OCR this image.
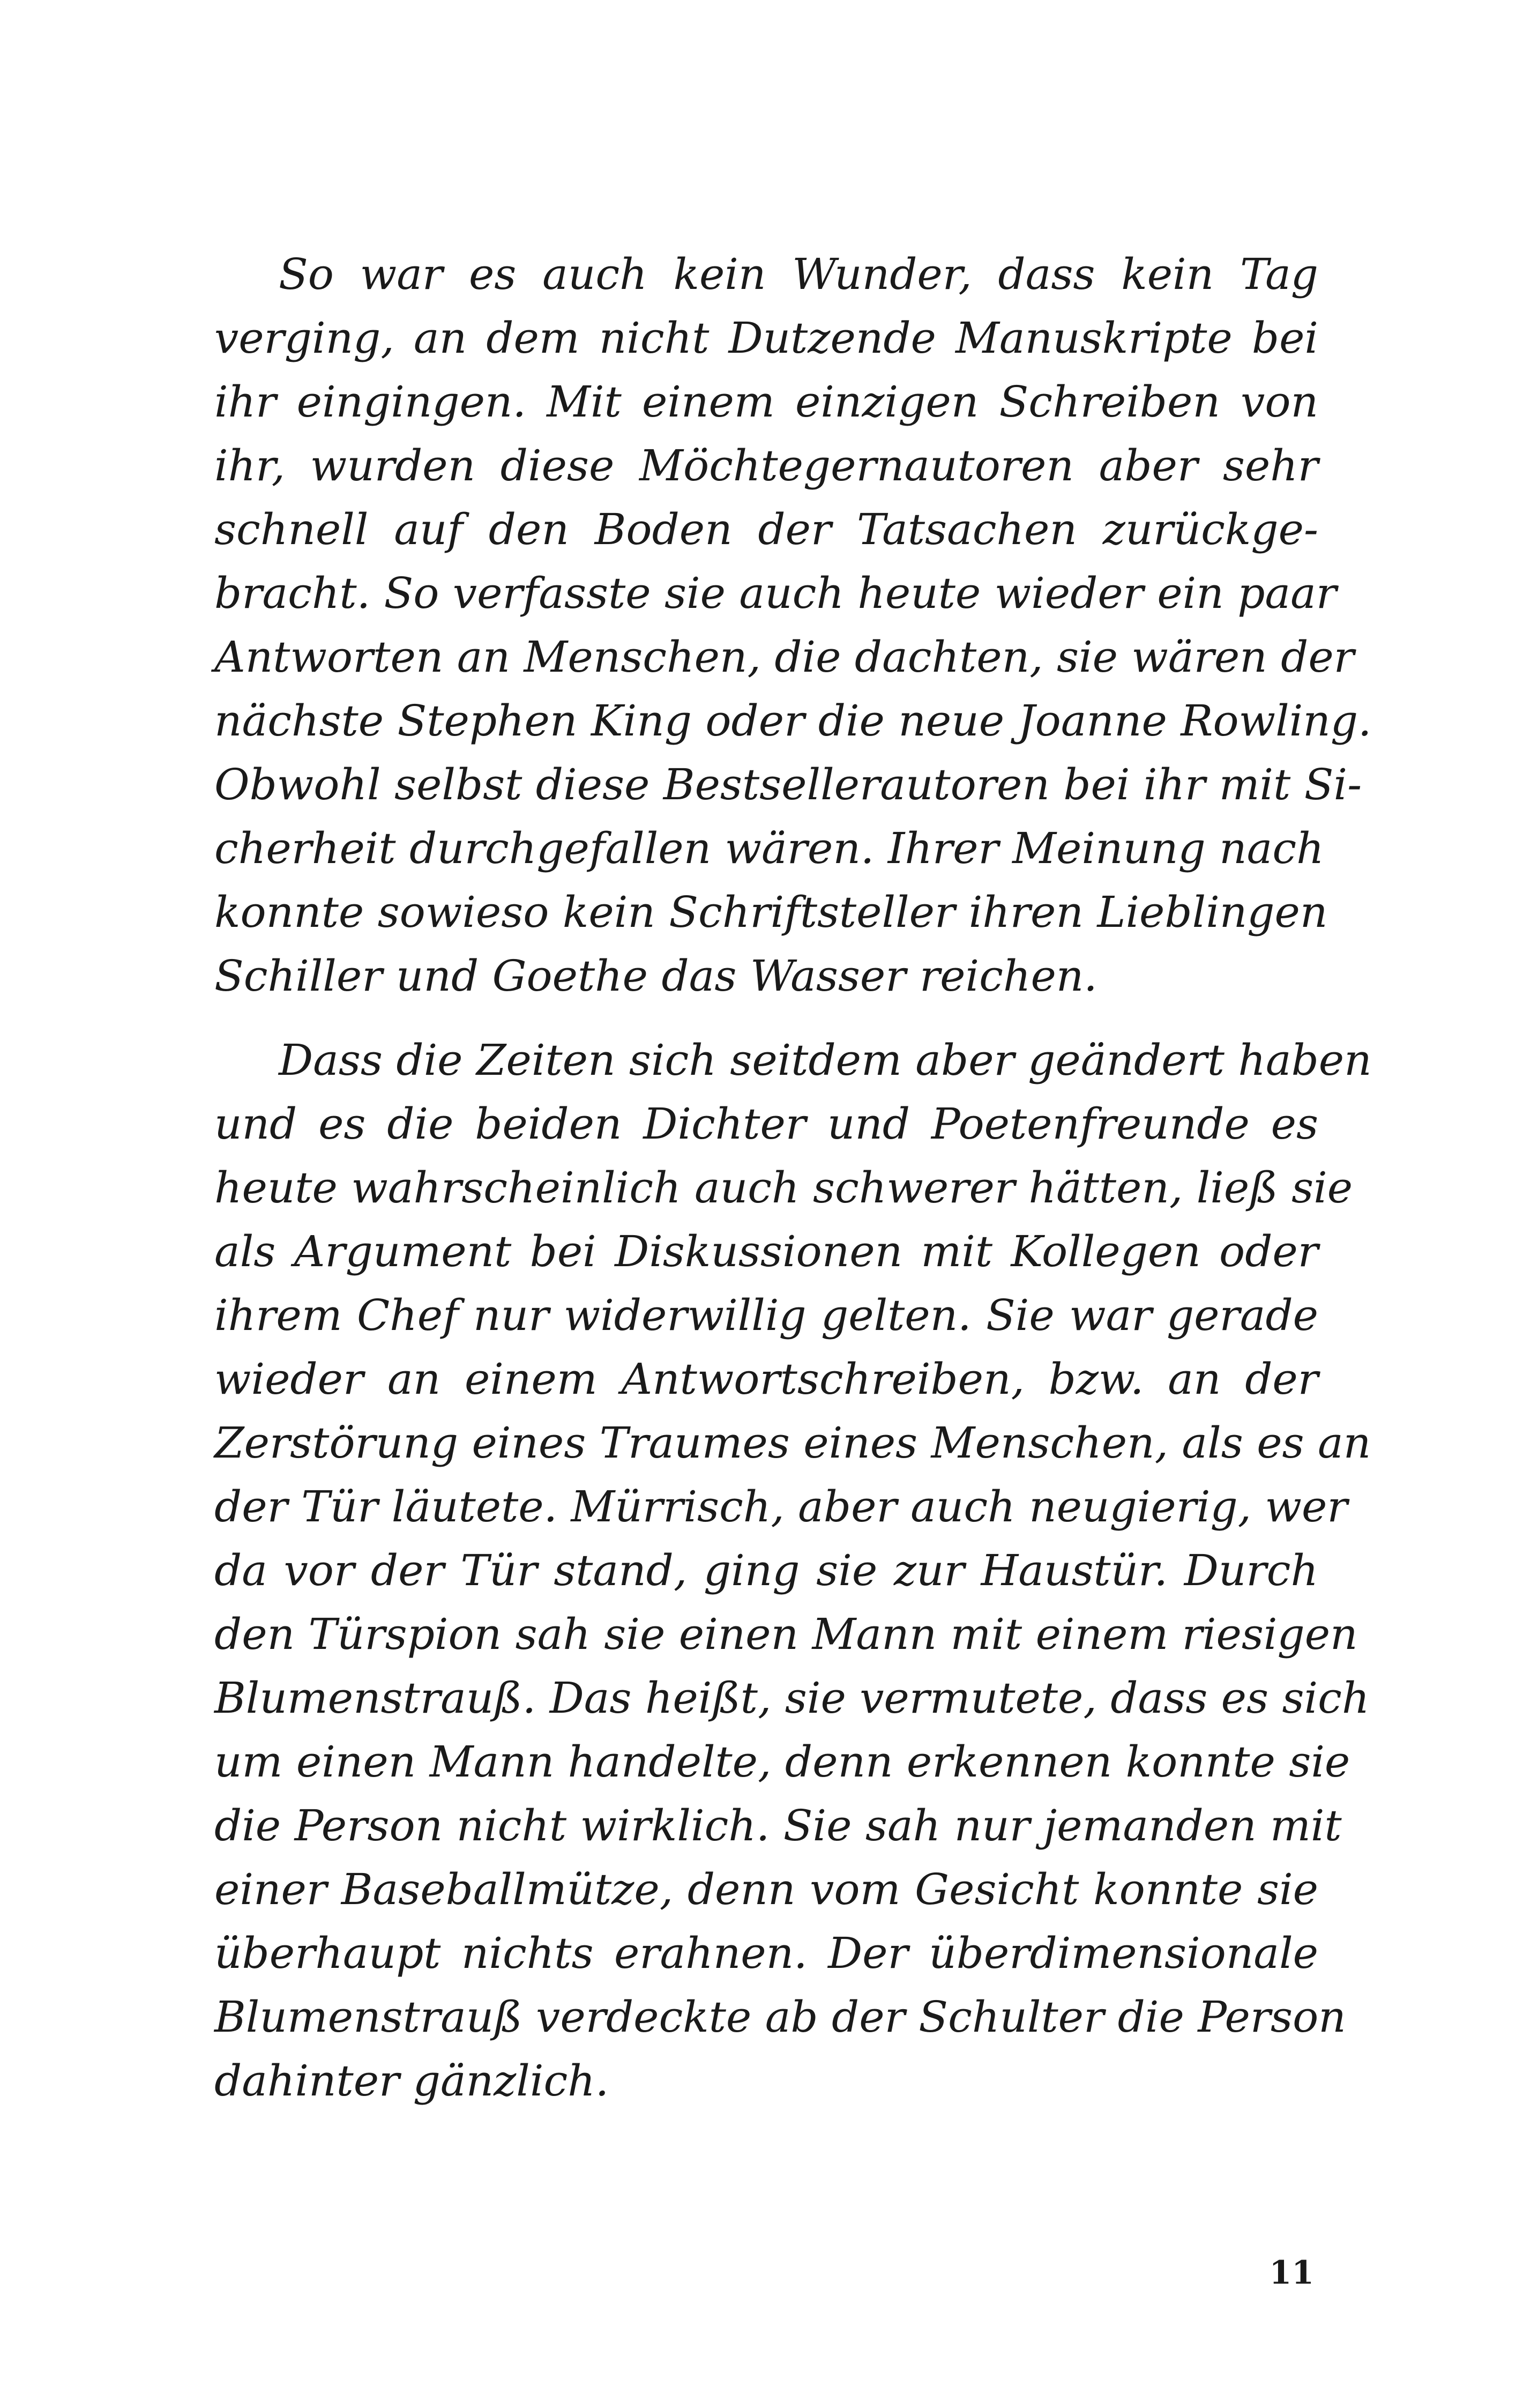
So war es auch kein Wunder, dass kein Tag
verging, an dem nicht Dutzende Manuskripte bei
ihr eingingen. Mit einem einzigen Schreiben von
ihr, wurden diese Möchtegernautoren aber sehr
schnell auf den Boden der Tatsachen zurückge-
bracht. So verfasste sie auch heute wieder ein paar
Antworten an Menschen, die dachten, sie wären der
nächste Stephen King oder die neue Joanne Rowling.
Obwohl selbst diese Bestsellerautoren bei ihr mit Si-
cherheit durchgefallen wären. Ihrer Meinung nach
konnte sowieso kein Schriftsteller ihren Lieblingen
Schiller und Goethe das Wasser reichen.
Dass die Zeiten sich seitdem aber geändert haben
und es die beiden Dichter und Poetenfreunde es
heute wahrscheinlich auch schwerer hätten, ließ sie
als Argument bei Diskussionen mit Kollegen oder
ihrem Chef nur widerwillig gelten. Sie war gerade
wieder an einem Antwortschreiben, bzw. an der
Zerstörung eines Traumes eines Menschen, als es an
der Tür läutete. Mürrisch, aber auch neugierig, wer
da vor der Tür stand, ging sie zur Haustür. Durch
den Türspion sah sie einen Mann mit einem riesigen
Blumenstrauß. Das heißt, sie vermutete, dass es sich
um einen Mann handelte, denn erkennen konnte sie
die Person nicht wirklich. Sie sah nur jemanden mit
einer Baseballmütze, denn vom Gesicht konnte sie
überhaupt nichts erahnen. Der überdimensionale
Blumenstrauß verdeckte ab der Schulter die Person
dahinter gänzlich.
11
